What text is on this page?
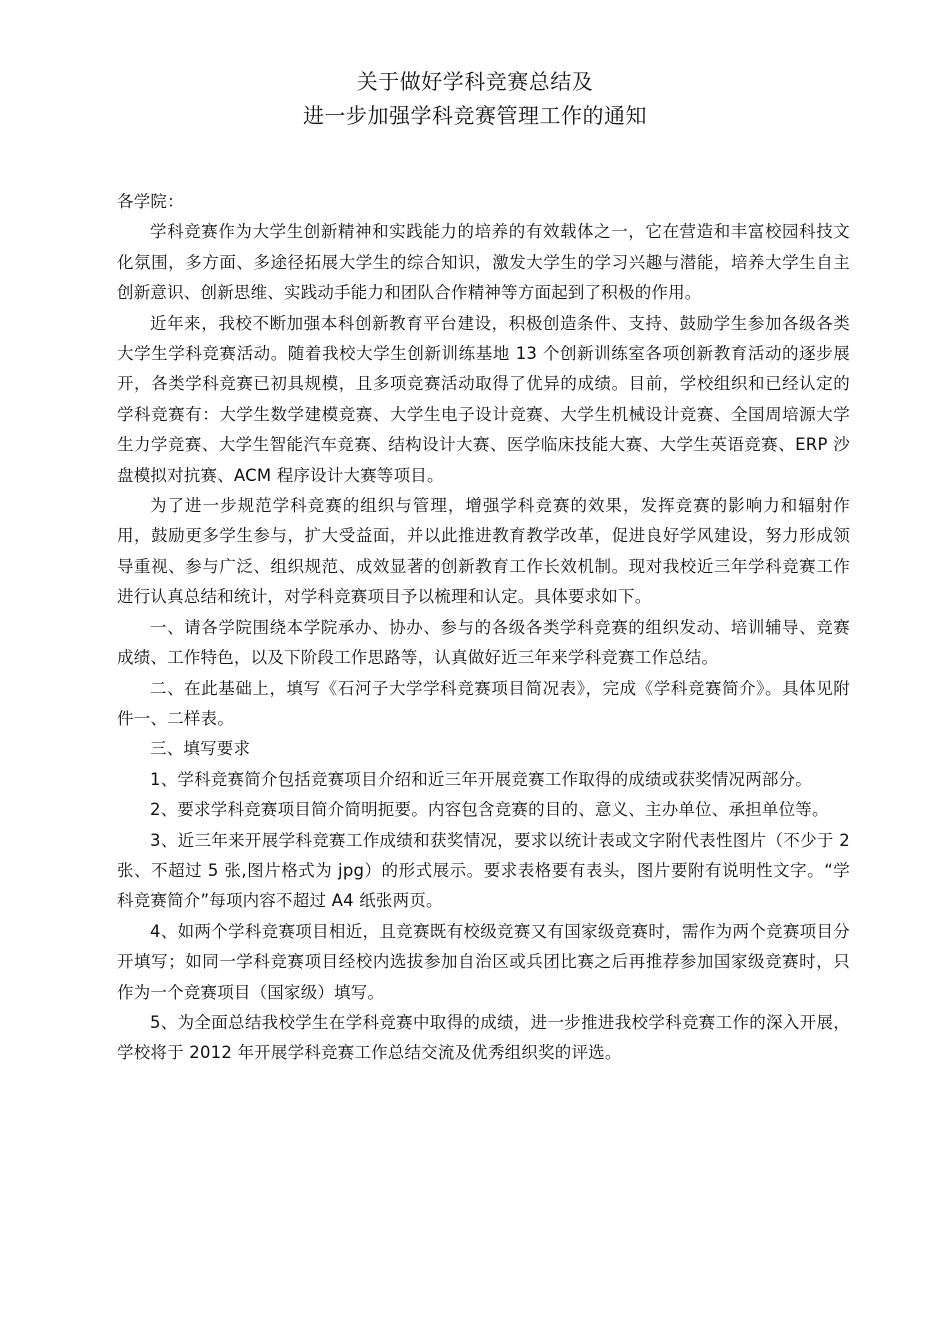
关于做好学科竞赛总结及
进一步加强学科竞赛管理工作的通知

各学院：

学科竞赛作为大学生创新精神和实践能力的培养的有效载体之一，它在营造和丰富校园科技文化氛围，多方面、多途径拓展大学生的综合知识，激发大学生的学习兴趣与潜能，培养大学生自主创新意识、创新思维、实践动手能力和团队合作精神等方面起到了积极的作用。

近年来，我校不断加强本科创新教育平台建设，积极创造条件、支持、鼓励学生参加各级各类大学生学科竞赛活动。随着我校大学生创新训练基地 13 个创新训练室各项创新教育活动的逐步展开，各类学科竞赛已初具规模，且多项竞赛活动取得了优异的成绩。目前，学校组织和已经认定的学科竞赛有：大学生数学建模竞赛、大学生电子设计竞赛、大学生机械设计竞赛、全国周培源大学生力学竞赛、大学生智能汽车竞赛、结构设计大赛、医学临床技能大赛、大学生英语竞赛、ERP 沙盘模拟对抗赛、ACM 程序设计大赛等项目。

为了进一步规范学科竞赛的组织与管理，增强学科竞赛的效果，发挥竞赛的影响力和辐射作用，鼓励更多学生参与，扩大受益面，并以此推进教育教学改革，促进良好学风建设，努力形成领导重视、参与广泛、组织规范、成效显著的创新教育工作长效机制。现对我校近三年学科竞赛工作进行认真总结和统计，对学科竞赛项目予以梳理和认定。具体要求如下。

一、请各学院围绕本学院承办、协办、参与的各级各类学科竞赛的组织发动、培训辅导、竞赛成绩、工作特色，以及下阶段工作思路等，认真做好近三年来学科竞赛工作总结。

二、在此基础上，填写《石河子大学学科竞赛项目简况表》，完成《学科竞赛简介》。具体见附件一、二样表。

三、填写要求

1、学科竞赛简介包括竞赛项目介绍和近三年开展竞赛工作取得的成绩或获奖情况两部分。

2、要求学科竞赛项目简介简明扼要。内容包含竞赛的目的、意义、主办单位、承担单位等。

3、近三年来开展学科竞赛工作成绩和获奖情况，要求以统计表或文字附代表性图片（不少于 2 张、不超过 5 张,图片格式为 jpg）的形式展示。要求表格要有表头，图片要附有说明性文字。“学科竞赛简介”每项内容不超过 A4 纸张两页。

4、如两个学科竞赛项目相近，且竞赛既有校级竞赛又有国家级竞赛时，需作为两个竞赛项目分开填写；如同一学科竞赛项目经校内选拔参加自治区或兵团比赛之后再推荐参加国家级竞赛时，只作为一个竞赛项目（国家级）填写。

5、为全面总结我校学生在学科竞赛中取得的成绩，进一步推进我校学科竞赛工作的深入开展，学校将于 2012 年开展学科竞赛工作总结交流及优秀组织奖的评选。
